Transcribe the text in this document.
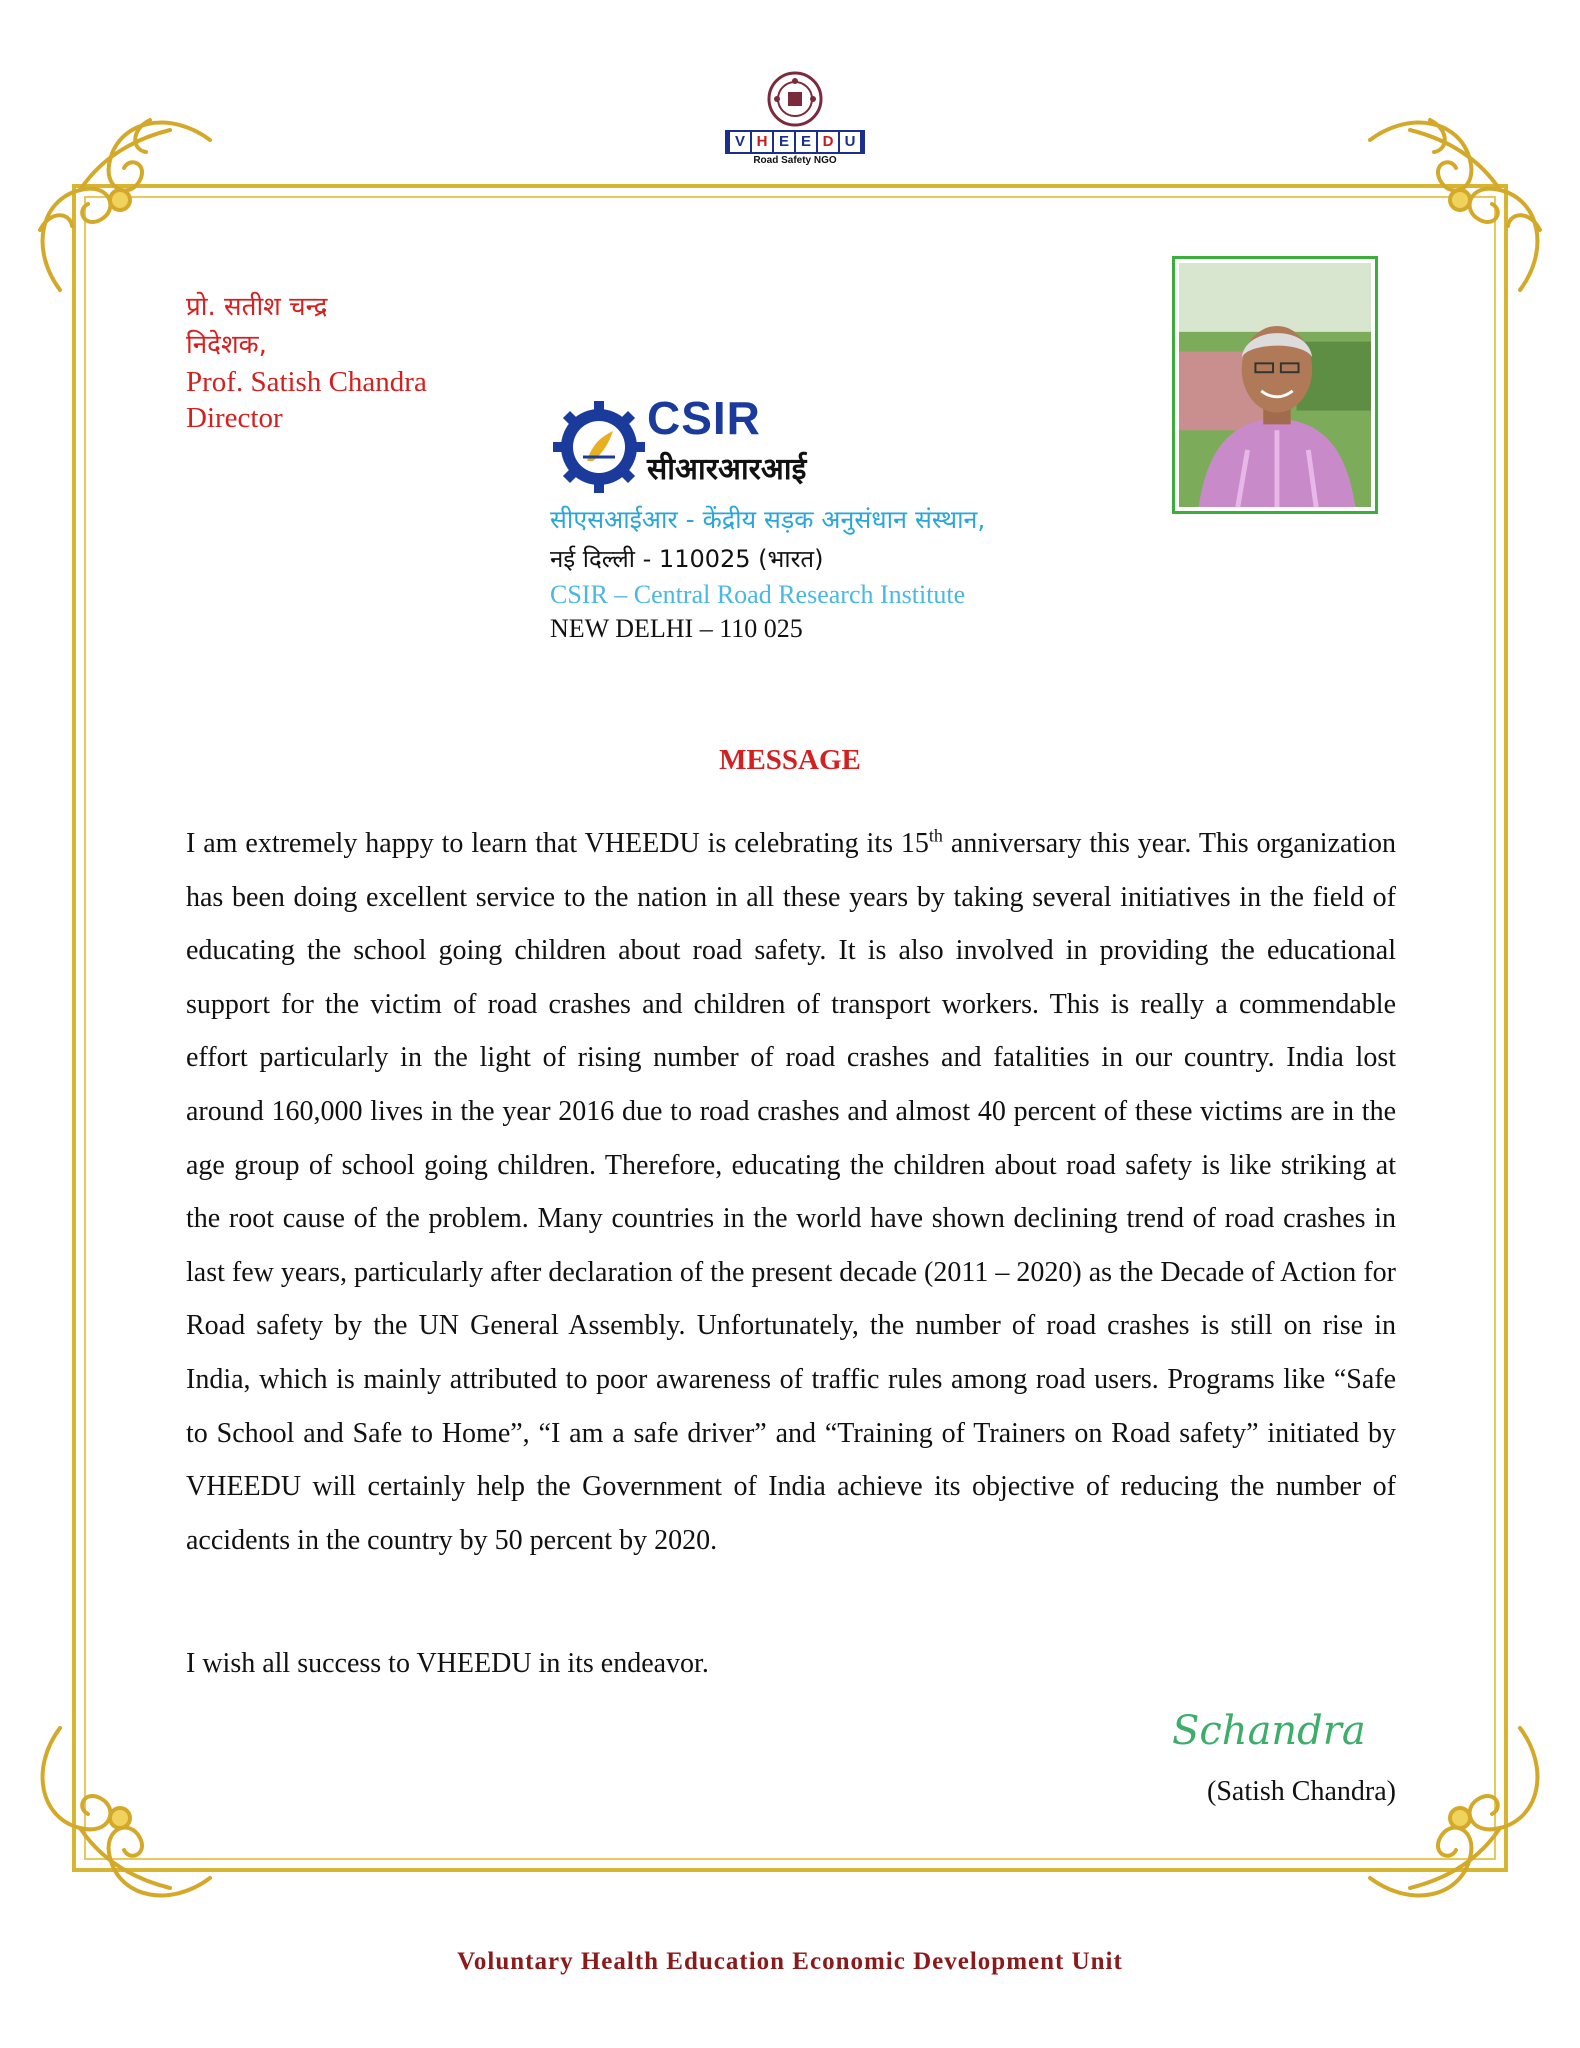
V H E E D U
Road Safety NGO
प्रो. सतीश चन्द्र
निदेशक,
Prof. Satish Chandra
Director	CSIR
सीआरआरआई
सीएसआईआर - केंद्रीय सड़क अनुसंधान संस्थान,
नई दिल्ली - 110025 (भारत)
CSIR – Central Road Research Institute
NEW DELHI – 110 025
MESSAGE

I am extremely happy to learn that VHEEDU is celebrating its 15th anniversary this year. This organization has been doing excellent service to the nation in all these years by taking several initiatives in the field of educating the school going children about road safety. It is also involved in providing the educational support for the victim of road crashes and children of transport workers. This is really a commendable effort particularly in the light of rising number of road crashes and fatalities in our country. India lost around 160,000 lives in the year 2016 due to road crashes and almost 40 percent of these victims are in the age group of school going children. Therefore, educating the children about road safety is like striking at the root cause of the problem. Many countries in the world have shown declining trend of road crashes in last few years, particularly after declaration of the present decade (2011 – 2020) as the Decade of Action for Road safety by the UN General Assembly. Unfortunately, the number of road crashes is still on rise in India, which is mainly attributed to poor awareness of traffic rules among road users. Programs like “Safe to School and Safe to Home”, “I am a safe driver” and “Training of Trainers on Road safety” initiated by VHEEDU will certainly help the Government of India achieve its objective of reducing the number of accidents in the country by 50 percent by 2020.

I wish all success to VHEEDU in its endeavor.
Schandra
(Satish Chandra)
Voluntary Health Education Economic Development Unit
